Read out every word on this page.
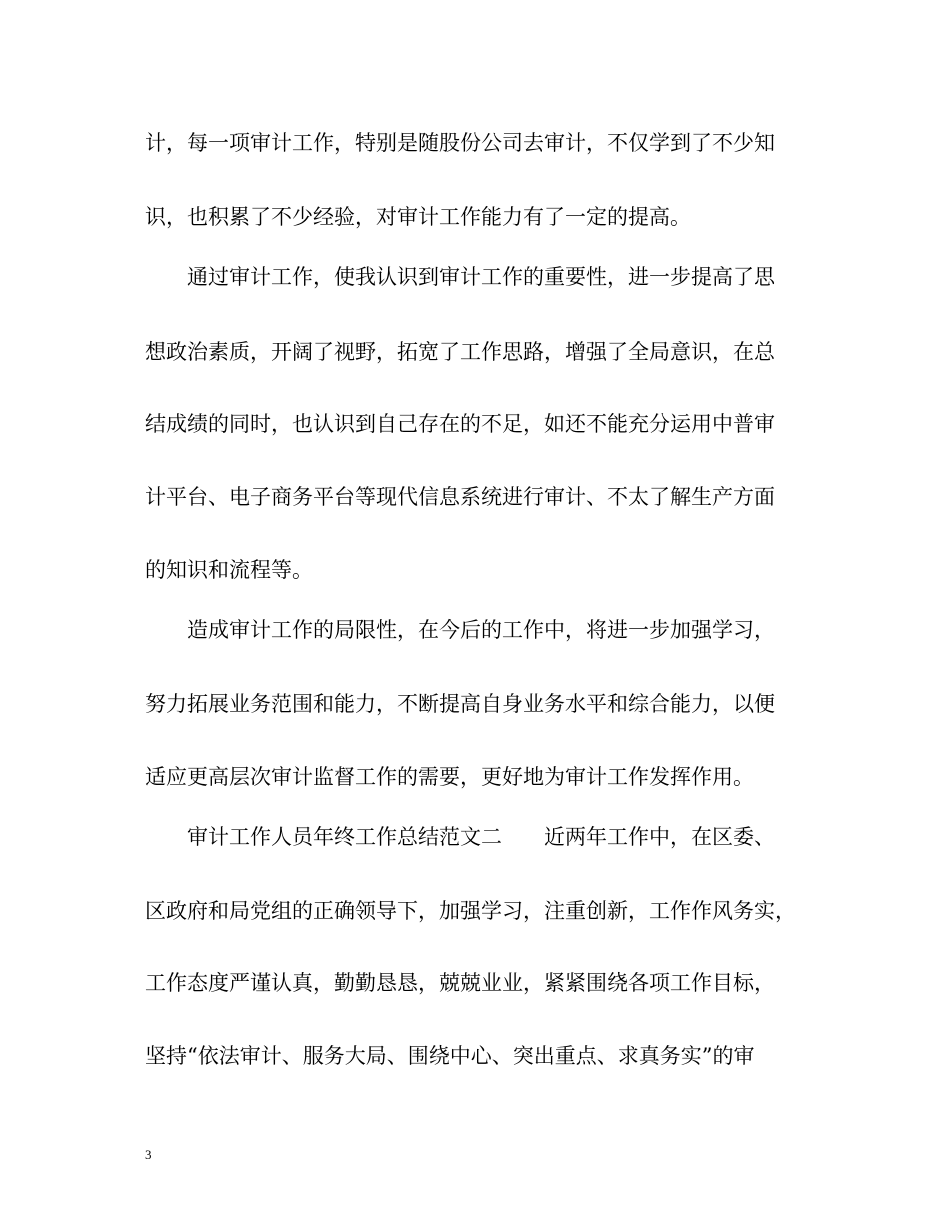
计，每一项审计工作，特别是随股份公司去审计，不仅学到了不少知
识，也积累了不少经验，对审计工作能力有了一定的提高。
通过审计工作，使我认识到审计工作的重要性，进一步提高了思
想政治素质，开阔了视野，拓宽了工作思路，增强了全局意识，在总
结成绩的同时，也认识到自己存在的不足，如还不能充分运用中普审
计平台、电子商务平台等现代信息系统进行审计、不太了解生产方面
的知识和流程等。
造成审计工作的局限性，在今后的工作中，将进一步加强学习，
努力拓展业务范围和能力，不断提高自身业务水平和综合能力，以便
适应更高层次审计监督工作的需要，更好地为审计工作发挥作用。
审计工作人员年终工作总结范文二　　近两年工作中，在区委、
区政府和局党组的正确领导下，加强学习，注重创新，工作作风务实，
工作态度严谨认真，勤勤恳恳，兢兢业业，紧紧围绕各项工作目标，
坚持“依法审计、服务大局、围绕中心、突出重点、求真务实”的审
3
